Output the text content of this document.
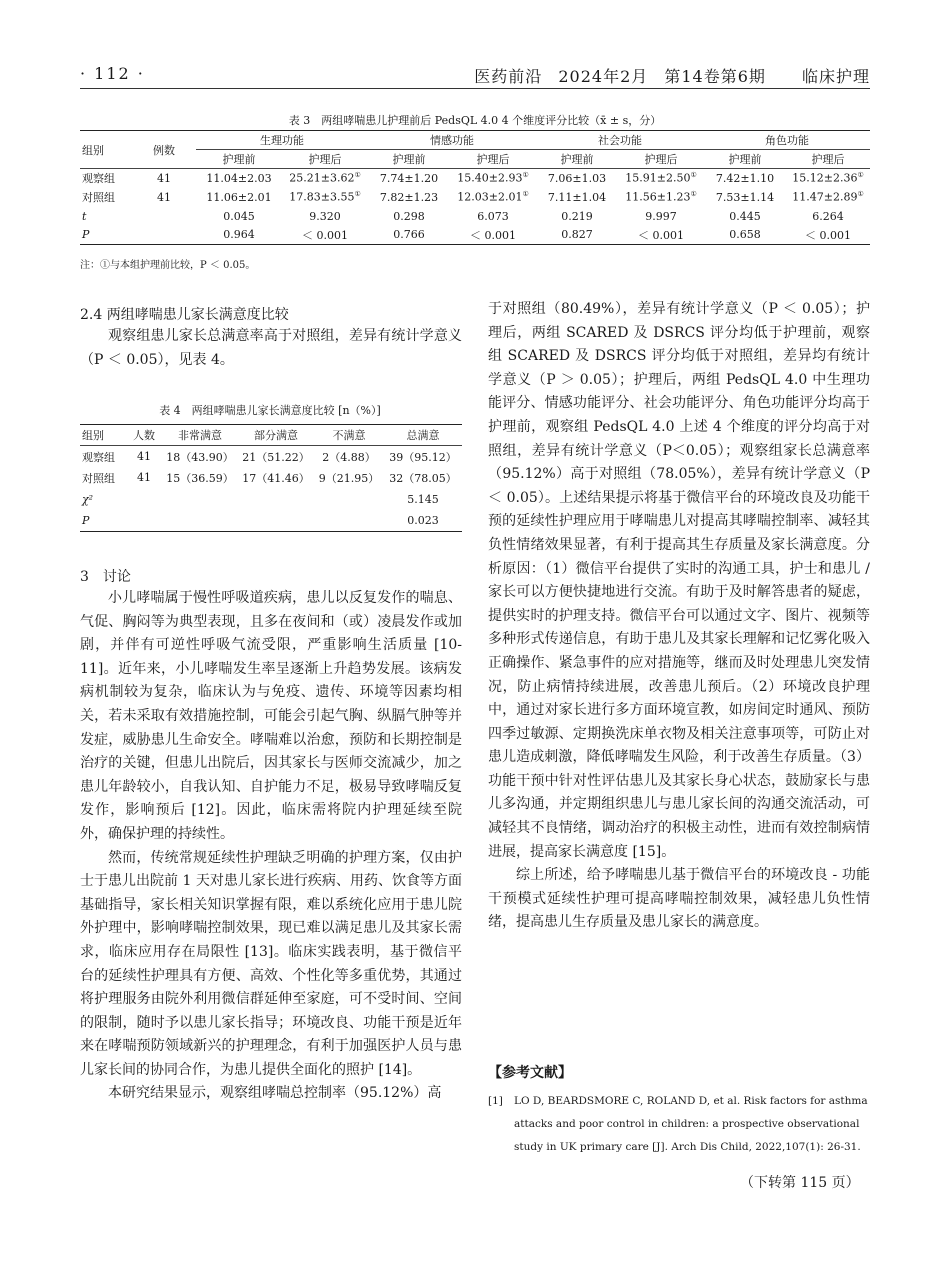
· 112 ·	医药前沿 2024年2月 第14卷第6期 临床护理
表 3　两组哮喘患儿护理前后 PedsQL 4.0 4 个维度评分比较（x̄ ± s，分）
组别	例数	生理功能		情感功能		社会功能		角色功能	
		护理前	护理后	护理前	护理后	护理前	护理后	护理前	护理后
观察组	41	11.04±2.03	25.21±3.62①	7.74±1.20	15.40±2.93①	7.06±1.03	15.91±2.50①	7.42±1.10	15.12±2.36①
对照组	41	11.06±2.01	17.83±3.55①	7.82±1.23	12.03±2.01①	7.11±1.04	11.56±1.23①	7.53±1.14	11.47±2.89①
t		0.045	9.320	0.298	6.073	0.219	9.997	0.445	6.264
P		0.964	＜ 0.001	0.766	＜ 0.001	0.827	＜ 0.001	0.658	＜ 0.001
注：①与本组护理前比较，P ＜ 0.05。
2.4 两组哮喘患儿家长满意度比较

观察组患儿家长总满意率高于对照组，差异有统计学意义（P ＜ 0.05），见表 4。

表 4　两组哮喘患儿家长满意度比较 [n（%）]
组别	人数	非常满意	部分满意	不满意	总满意
观察组	41	18（43.90）	21（51.22）	2（4.88）	39（95.12）
对照组	41	15（36.59）	17（41.46）	9（21.95）	32（78.05）
χ²					5.145
P					0.023
3　讨论

小儿哮喘属于慢性呼吸道疾病，患儿以反复发作的喘息、气促、胸闷等为典型表现，且多在夜间和（或）凌晨发作或加剧，并伴有可逆性呼吸气流受限，严重影响生活质量 [10-11]。近年来，小儿哮喘发生率呈逐渐上升趋势发展。该病发病机制较为复杂，临床认为与免疫、遗传、环境等因素均相关，若未采取有效措施控制，可能会引起气胸、纵膈气肿等并发症，威胁患儿生命安全。哮喘难以治愈，预防和长期控制是治疗的关键，但患儿出院后，因其家长与医师交流减少，加之患儿年龄较小，自我认知、自护能力不足，极易导致哮喘反复发作，影响预后 [12]。因此，临床需将院内护理延续至院外，确保护理的持续性。

然而，传统常规延续性护理缺乏明确的护理方案，仅由护士于患儿出院前 1 天对患儿家长进行疾病、用药、饮食等方面基础指导，家长相关知识掌握有限，难以系统化应用于患儿院外护理中，影响哮喘控制效果，现已难以满足患儿及其家长需求，临床应用存在局限性 [13]。临床实践表明，基于微信平台的延续性护理具有方便、高效、个性化等多重优势，其通过将护理服务由院外利用微信群延伸至家庭，可不受时间、空间的限制，随时予以患儿家长指导；环境改良、功能干预是近年来在哮喘预防领域新兴的护理理念，有利于加强医护人员与患儿家长间的协同合作，为患儿提供全面化的照护 [14]。

本研究结果显示，观察组哮喘总控制率（95.12%）高

于对照组（80.49%），差异有统计学意义（P ＜ 0.05）；护理后，两组 SCARED 及 DSRCS 评分均低于护理前，观察组 SCARED 及 DSRCS 评分均低于对照组，差异均有统计学意义（P ＞ 0.05）；护理后，两组 PedsQL 4.0 中生理功能评分、情感功能评分、社会功能评分、角色功能评分均高于护理前，观察组 PedsQL 4.0 上述 4 个维度的评分均高于对照组，差异有统计学意义（P＜0.05）；观察组家长总满意率（95.12%）高于对照组（78.05%），差异有统计学意义（P ＜ 0.05）。上述结果提示将基于微信平台的环境改良及功能干预的延续性护理应用于哮喘患儿对提高其哮喘控制率、减轻其负性情绪效果显著，有利于提高其生存质量及家长满意度。分析原因：（1）微信平台提供了实时的沟通工具，护士和患儿 / 家长可以方便快捷地进行交流。有助于及时解答患者的疑虑，提供实时的护理支持。微信平台可以通过文字、图片、视频等多种形式传递信息，有助于患儿及其家长理解和记忆雾化吸入正确操作、紧急事件的应对措施等，继而及时处理患儿突发情况，防止病情持续进展，改善患儿预后。（2）环境改良护理中，通过对家长进行多方面环境宣教，如房间定时通风、预防四季过敏源、定期换洗床单衣物及相关注意事项等，可防止对患儿造成刺激，降低哮喘发生风险，利于改善生存质量。（3）功能干预中针对性评估患儿及其家长身心状态，鼓励家长与患儿多沟通，并定期组织患儿与患儿家长间的沟通交流活动，可减轻其不良情绪，调动治疗的积极主动性，进而有效控制病情进展，提高家长满意度 [15]。

综上所述，给予哮喘患儿基于微信平台的环境改良 - 功能干预模式延续性护理可提高哮喘控制效果，减轻患儿负性情绪，提高患儿生存质量及患儿家长的满意度。

【参考文献】
[1] LO D, BEARDSMORE C, ROLAND D, et al. Risk factors for asthma attacks and poor control in children: a prospective observational study in UK primary care [J]. Arch Dis Child, 2022,107(1): 26-31.
（下转第 115 页）
